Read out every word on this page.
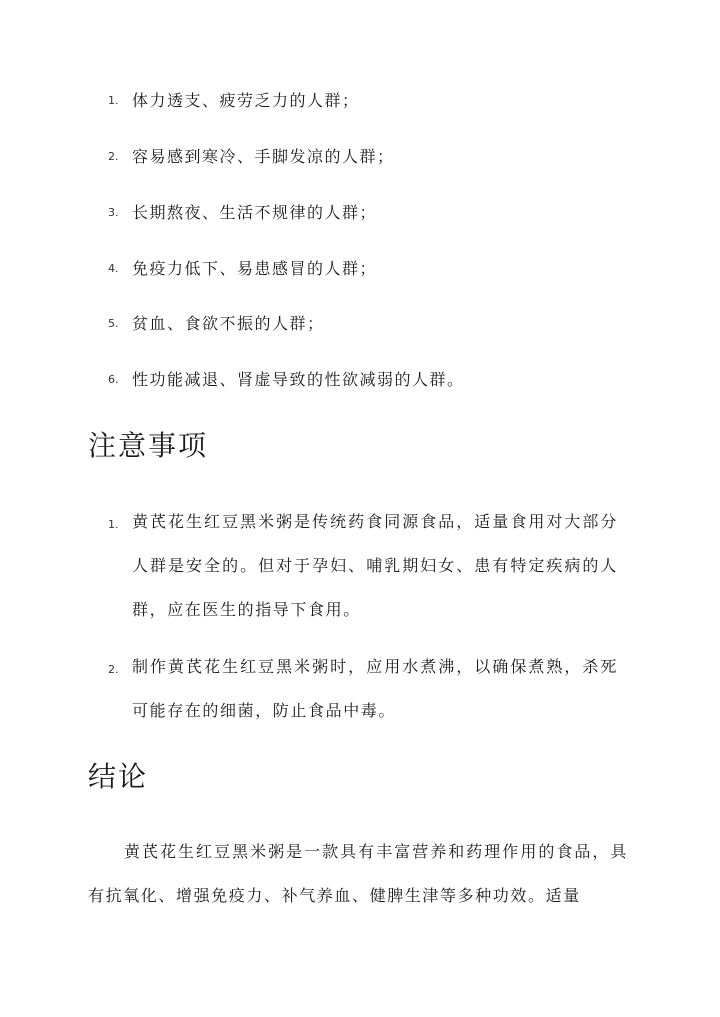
1. 体力透支、疲劳乏力的人群；
2. 容易感到寒冷、手脚发凉的人群；
3. 长期熬夜、生活不规律的人群；
4. 免疫力低下、易患感冒的人群；
5. 贫血、食欲不振的人群；
6. 性功能减退、肾虚导致的性欲减弱的人群。
注意事项
1. 黄芪花生红豆黑米粥是传统药食同源食品，适量食用对大部分人群是安全的。但对于孕妇、哺乳期妇女、患有特定疾病的人群，应在医生的指导下食用。
2. 制作黄芪花生红豆黑米粥时，应用水煮沸，以确保煮熟，杀死可能存在的细菌，防止食品中毒。
结论

黄芪花生红豆黑米粥是一款具有丰富营养和药理作用的食品，具有抗氧化、增强免疫力、补气养血、健脾生津等多种功效。适量
